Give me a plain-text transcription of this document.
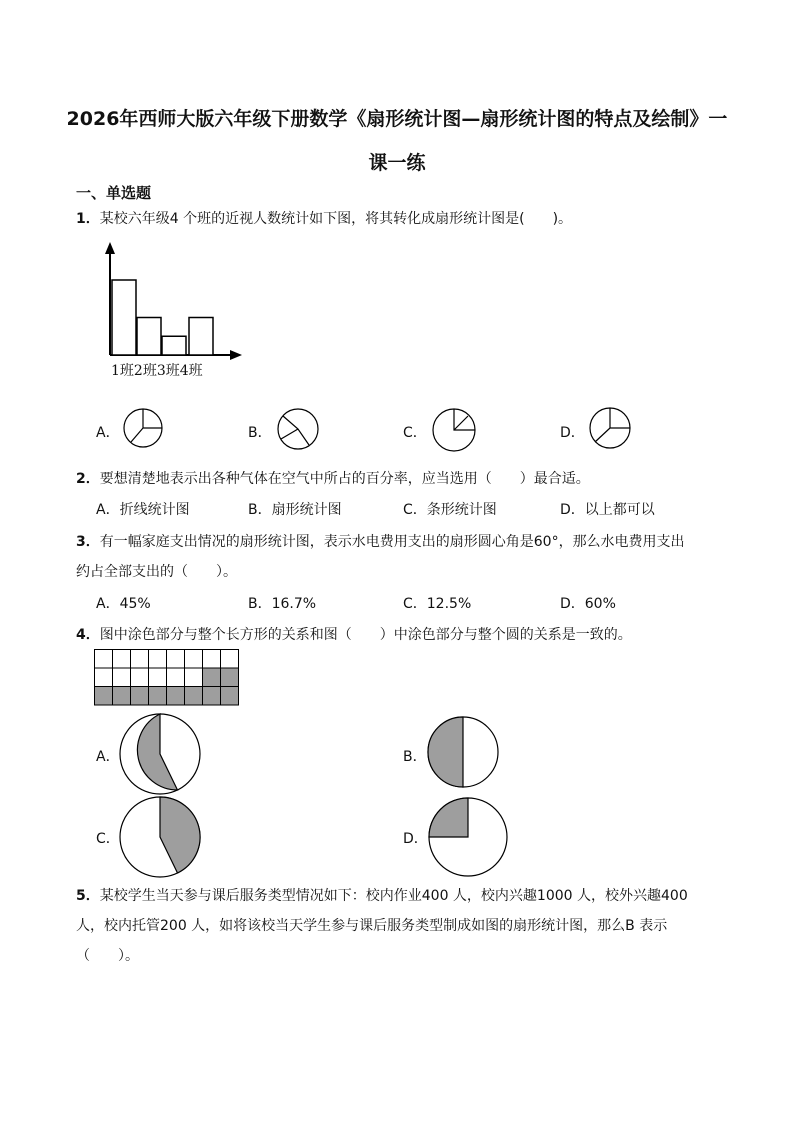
2026年西师大版六年级下册数学《扇形统计图—扇形统计图的特点及绘制》一
课一练
一、单选题
1．某校六年级4 个班的近视人数统计如下图，将其转化成扇形统计图是(　　)。
1班2班3班4班
A．	B．	C．	D．
2．要想清楚地表示出各种气体在空气中所占的百分率，应当选用（　　）最合适。
A．折线统计图	B．扇形统计图	C．条形统计图	D．以上都可以
3．有一幅家庭支出情况的扇形统计图，表示水电费用支出的扇形圆心角是60°，那么水电费用支出
约占全部支出的（　　）。
A．45%	B．16.7%	C．12.5%	D．60%
4．图中涂色部分与整个长方形的关系和图（　　）中涂色部分与整个圆的关系是一致的。
A．	B．
C．	D．
5．某校学生当天参与课后服务类型情况如下：校内作业400 人，校内兴趣1000 人，校外兴趣400
人，校内托管200 人，如将该校当天学生参与课后服务类型制成如图的扇形统计图，那么B 表示
（　　）。
